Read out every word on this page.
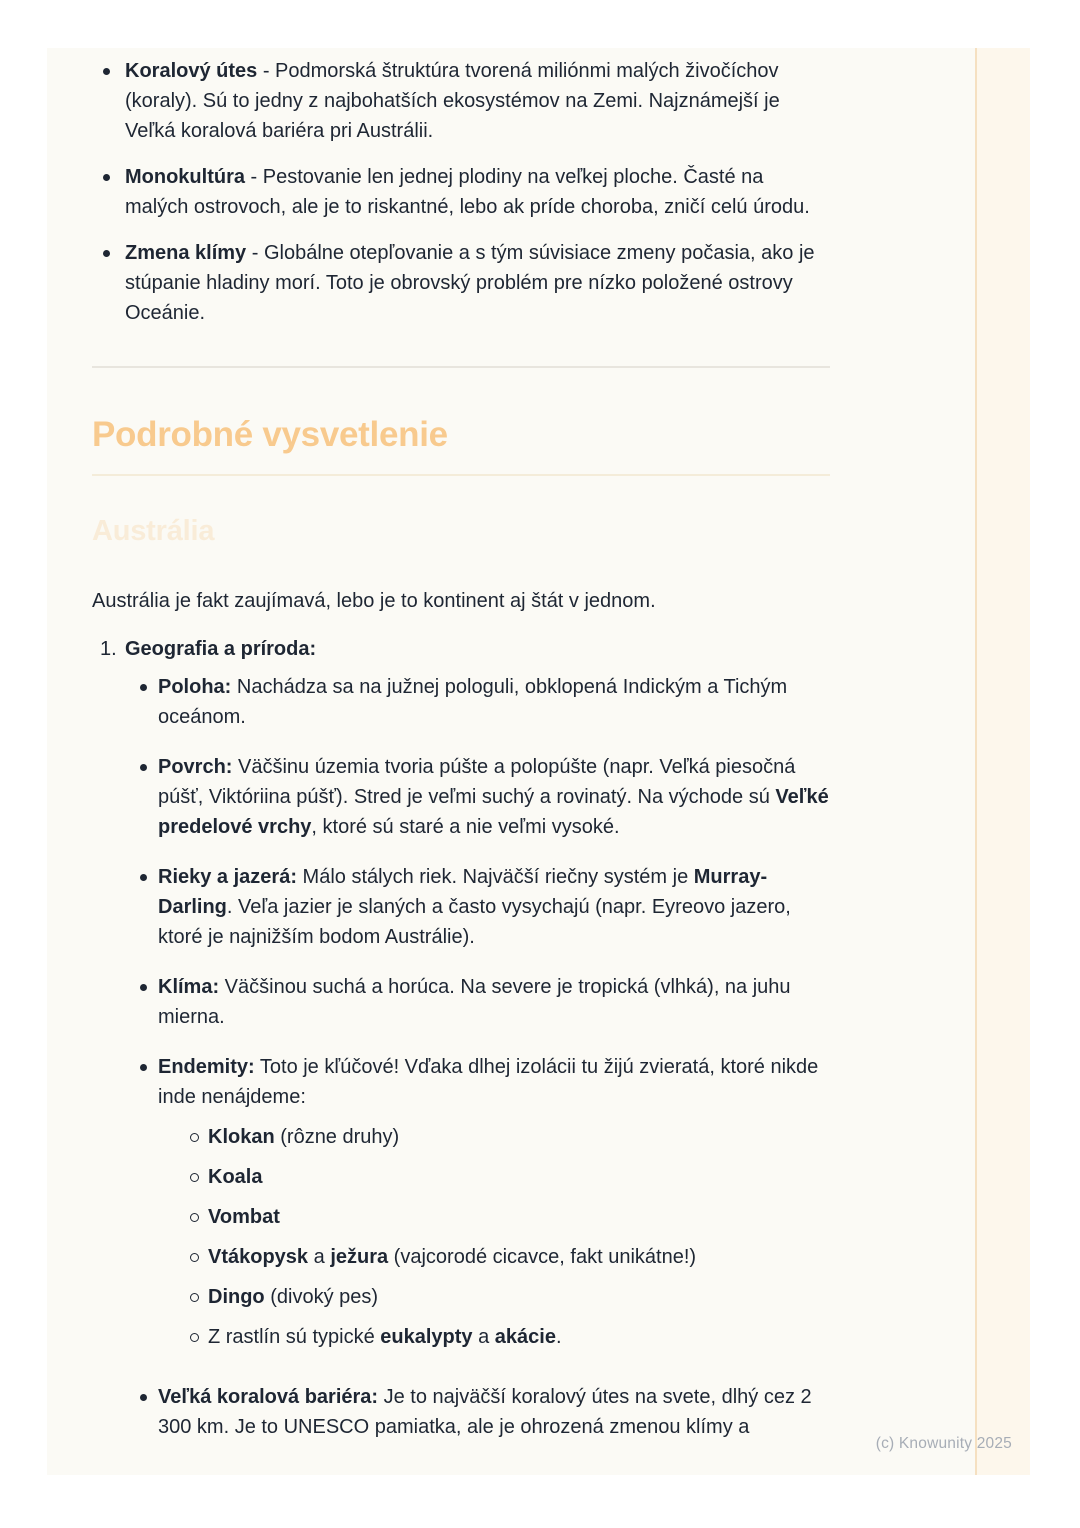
Koralový útes - Podmorská štruktúra tvorená miliónmi malých živočíchov (koraly). Sú to jedny z najbohatších ekosystémov na Zemi. Najznámejší je Veľká koralová bariéra pri Austrálii.
Monokultúra - Pestovanie len jednej plodiny na veľkej ploche. Časté na malých ostrovoch, ale je to riskantné, lebo ak príde choroba, zničí celú úrodu.
Zmena klímy - Globálne otepľovanie a s tým súvisiace zmeny počasia, ako je stúpanie hladiny morí. Toto je obrovský problém pre nízko položené ostrovy Oceánie.
Podrobné vysvetlenie
Austrália

Austrália je fakt zaujímavá, lebo je to kontinent aj štát v jednom.

1. Geografia a príroda:
Poloha: Nachádza sa na južnej pologuli, obklopená Indickým a Tichým oceánom.
Povrch: Väčšinu územia tvoria púšte a polopúšte (napr. Veľká piesočná púšť, Viktóriina púšť). Stred je veľmi suchý a rovinatý. Na východe sú Veľké predelové vrchy, ktoré sú staré a nie veľmi vysoké.
Rieky a jazerá: Málo stálych riek. Najväčší riečny systém je Murray-Darling. Veľa jazier je slaných a často vysychajú (napr. Eyreovo jazero, ktoré je najnižším bodom Austrálie).
Klíma: Väčšinou suchá a horúca. Na severe je tropická (vlhká), na juhu mierna.
Endemity: Toto je kľúčové! Vďaka dlhej izolácii tu žijú zvieratá, ktoré nikde inde nenájdeme:
Klokan (rôzne druhy)
Koala
Vombat
Vtákopysk a ježura (vajcorodé cicavce, fakt unikátne!)
Dingo (divoký pes)
Z rastlín sú typické eukalypty a akácie.
Veľká koralová bariéra: Je to najväčší koralový útes na svete, dlhý cez 2 300 km. Je to UNESCO pamiatka, ale je ohrozená zmenou klímy a
(c) Knowunity 2025
